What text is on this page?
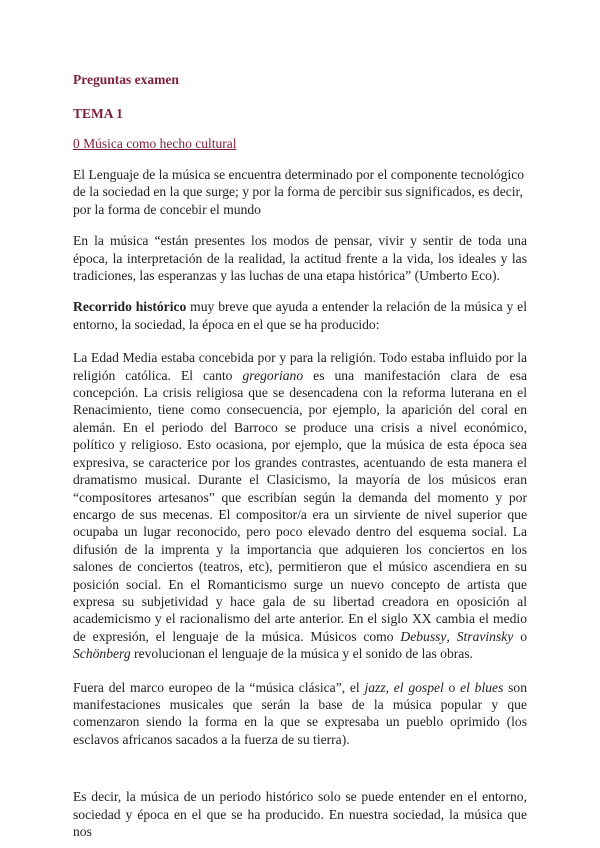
Preguntas examen
TEMA 1
0 Música como hecho cultural

El Lenguaje de la música se encuentra determinado por el componente tecnológico de la sociedad en la que surge; y por la forma de percibir sus significados, es decir, por la forma de concebir el mundo

En la música “están presentes los modos de pensar, vivir y sentir de toda una época, la interpretación de la realidad, la actitud frente a la vida, los ideales y las tradiciones, las esperanzas y las luchas de una etapa histórica” (Umberto Eco).

Recorrido histórico muy breve que ayuda a entender la relación de la música y el entorno, la sociedad, la época en el que se ha producido:

La Edad Media estaba concebida por y para la religión. Todo estaba influido por la religión católica. El canto gregoriano es una manifestación clara de esa concepción. La crisis religiosa que se desencadena con la reforma luterana en el Renacimiento, tiene como consecuencia, por ejemplo, la aparición del coral en alemán. En el periodo del Barroco se produce una crisis a nivel económico, político y religioso. Esto ocasiona, por ejemplo, que la música de esta época sea expresiva, se caracterice por los grandes contrastes, acentuando de esta manera el dramatismo musical. Durante el Clasicismo, la mayoría de los músicos eran “compositores artesanos” que escribían según la demanda del momento y por encargo de sus mecenas. El compositor/a era un sirviente de nivel superior que ocupaba un lugar reconocido, pero poco elevado dentro del esquema social. La difusión de la imprenta y la importancia que adquieren los conciertos en los salones de conciertos (teatros, etc), permitieron que el músico ascendiera en su posición social. En el Romanticismo surge un nuevo concepto de artista que expresa su subjetividad y hace gala de su libertad creadora en oposición al academicismo y el racionalismo del arte anterior. En el siglo XX cambia el medio de expresión, el lenguaje de la música. Músicos como Debussy, Stravinsky o Schönberg revolucionan el lenguaje de la música y el sonido de las obras.

Fuera del marco europeo de la “música clásica”, el jazz, el gospel o el blues son manifestaciones musicales que serán la base de la música popular y que comenzaron siendo la forma en la que se expresaba un pueblo oprimido (los esclavos africanos sacados a la fuerza de su tierra).

Es decir, la música de un periodo histórico solo se puede entender en el entorno, sociedad y época en el que se ha producido. En nuestra sociedad, la música que nos
